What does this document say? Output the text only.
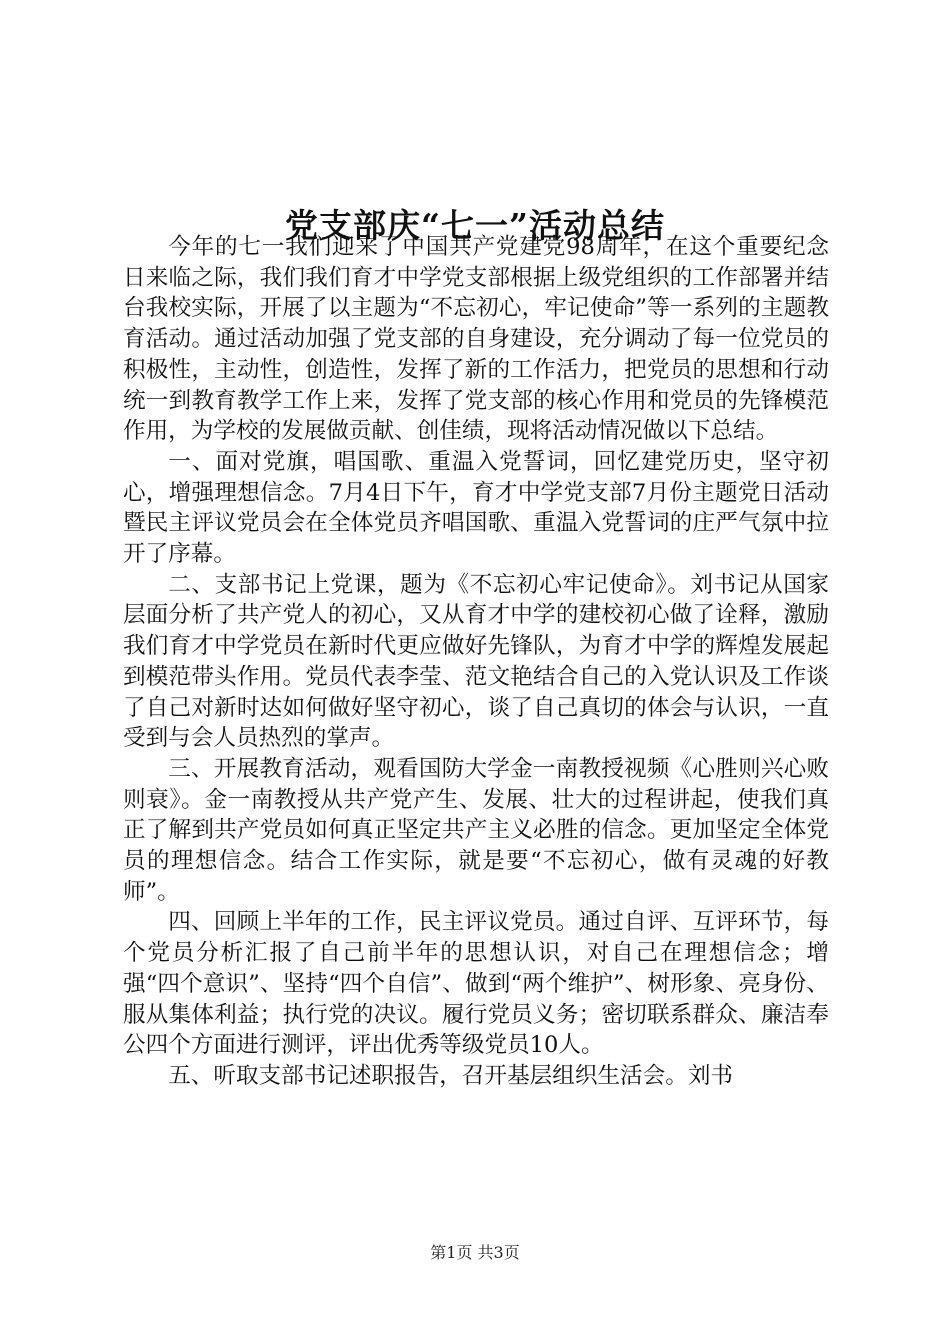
党支部庆“七一”活动总结

今年的七一我们迎来了中国共产党建党98周年，在这个重要纪念日来临之际，我们我们育才中学党支部根据上级党组织的工作部署并结台我校实际，开展了以主题为“不忘初心，牢记使命”等一系列的主题教育活动。通过活动加强了党支部的自身建设，充分调动了每一位党员的积极性，主动性，创造性，发挥了新的工作活力，把党员的思想和行动统一到教育教学工作上来，发挥了党支部的核心作用和党员的先锋模范作用，为学校的发展做贡献、创佳绩，现将活动情况做以下总结。

一、面对党旗，唱国歌、重温入党誓词，回忆建党历史，坚守初心，增强理想信念。7月4日下午，育才中学党支部7月份主题党日活动暨民主评议党员会在全体党员齐唱国歌、重温入党誓词的庄严气氛中拉开了序幕。

二、支部书记上党课，题为《不忘初心牢记使命》。刘书记从国家层面分析了共产党人的初心，又从育才中学的建校初心做了诠释，激励我们育才中学党员在新时代更应做好先锋队，为育才中学的辉煌发展起到模范带头作用。党员代表李莹、范文艳结合自己的入党认识及工作谈了自己对新时达如何做好坚守初心，谈了自己真切的体会与认识，一直受到与会人员热烈的掌声。

三、开展教育活动，观看国防大学金一南教授视频《心胜则兴心败则衰》。金一南教授从共产党产生、发展、壮大的过程讲起，使我们真正了解到共产党员如何真正坚定共产主义必胜的信念。更加坚定全体党员的理想信念。结合工作实际，就是要“不忘初心，做有灵魂的好教师”。

四、回顾上半年的工作，民主评议党员。通过自评、互评环节，每个党员分析汇报了自己前半年的思想认识，对自己在理想信念；增强“四个意识”、坚持“四个自信”、做到“两个维护”、树形象、亮身份、服从集体利益；执行党的决议。履行党员义务；密切联系群众、廉洁奉公四个方面进行测评，评出优秀等级党员10人。

五、听取支部书记述职报告，召开基层组织生活会。刘书

第1页 共3页
